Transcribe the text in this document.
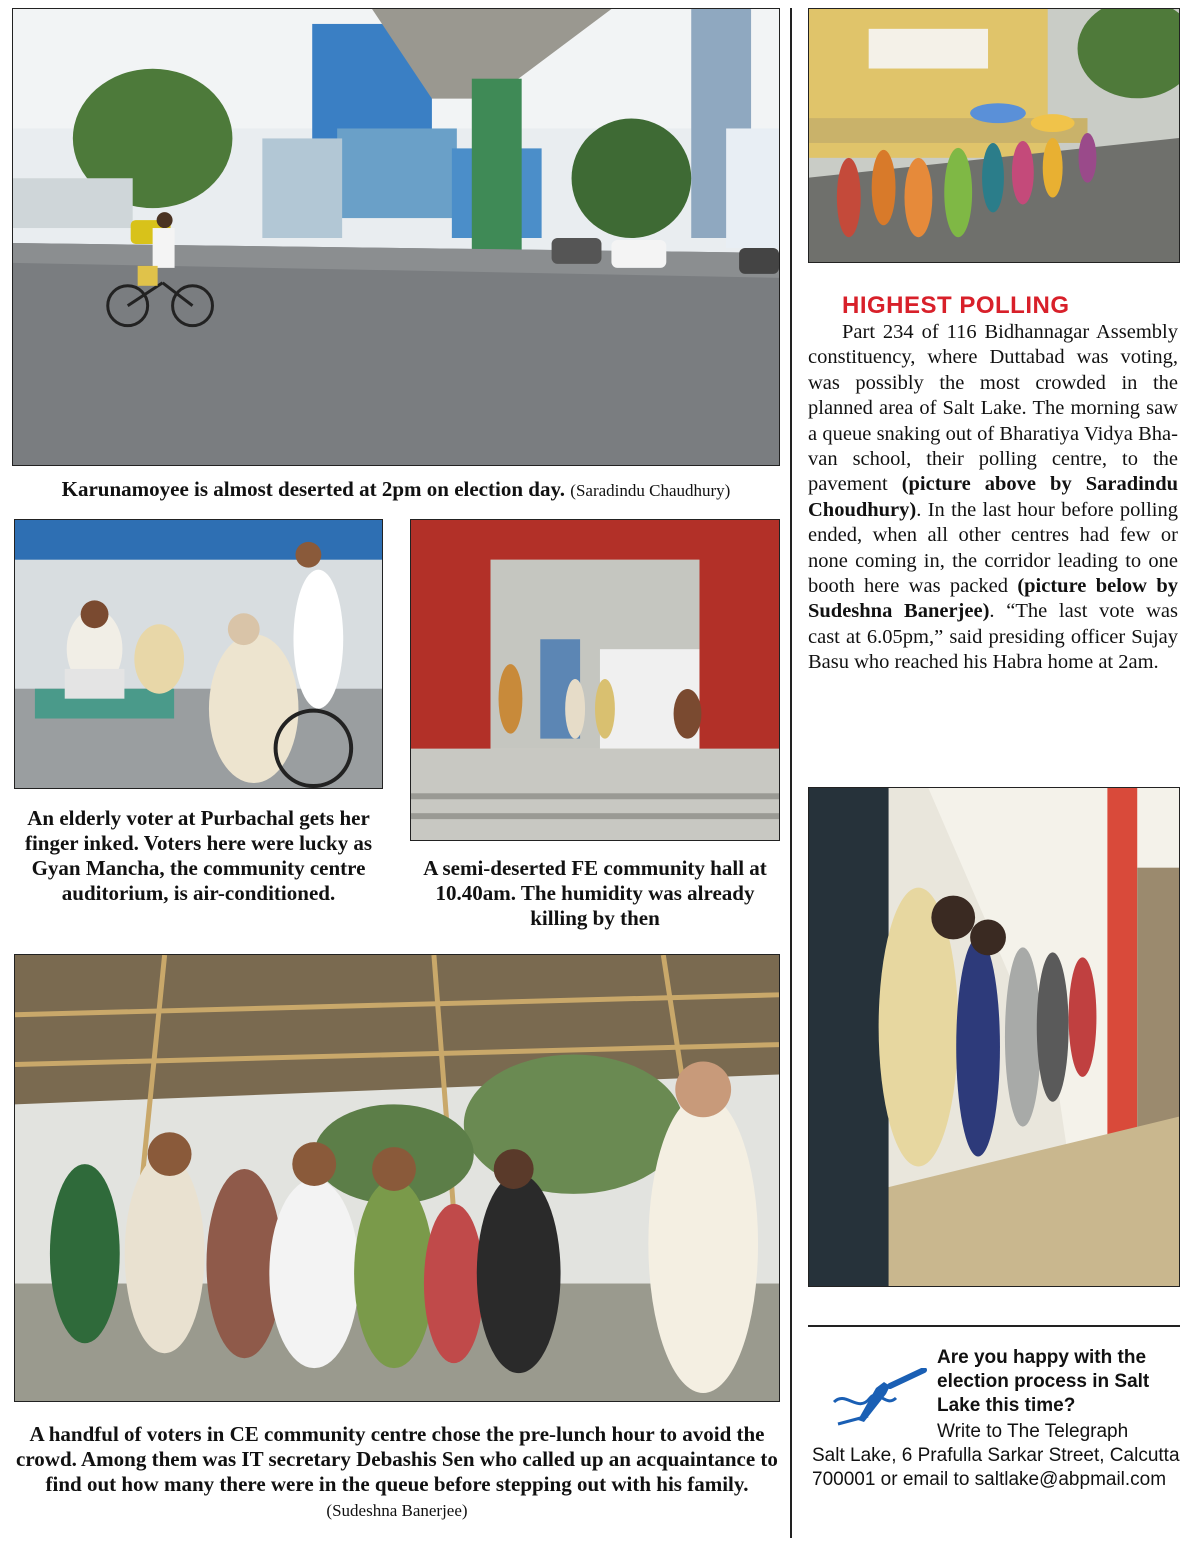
Karunamoyee is almost deserted at 2pm on election day. (Saradindu Chaudhury)
An elderly voter at Purbachal gets her finger inked. Voters here were lucky as Gyan Mancha, the community centre auditorium, is air-conditioned.
A semi-deserted FE community hall at 10.40am. The humidity was already killing by then
A handful of voters in CE community centre chose the pre-lunch hour to avoid the crowd. Among them was IT secretary Debashis Sen who called up an acquaintance to find out how many there were in the queue before stepping out with his family. (Sudeshna Banerjee)
HIGHEST POLLING

Part 234 of 116 Bidhannagar Assembly constituency, where Duttabad was voting, was possibly the most crowded in the planned area of Salt Lake. The morning saw a queue snaking out of Bharatiya Vidya Bhavan school, their polling centre, to the pavement (picture above by Saradindu Choudhury). In the last hour before polling ended, when all other centres had few or none coming in, the corridor leading to one booth here was packed (picture below by Sudeshna Banerjee). “The last vote was cast at 6.05pm,” said presiding officer Sujay Basu who reached his Habra home at 2am.

Are you happy with the election process in Salt Lake this time?
Write to The Telegraph
Salt Lake, 6 Prafulla Sarkar Street, Calcutta 700001 or email to saltlake@abpmail.com
